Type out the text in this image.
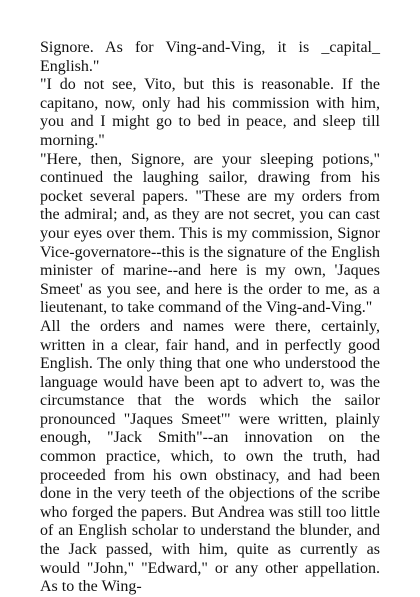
Signore. As for Ving-and-Ving, it is _capital_ English."

"I do not see, Vito, but this is reasonable. If the capitano, now, only had his commission with him, you and I might go to bed in peace, and sleep till morning."

"Here, then, Signore, are your sleeping potions," continued the laughing sailor, drawing from his pocket several papers. "These are my orders from the admiral; and, as they are not secret, you can cast your eyes over them. This is my commission, Signor Vice-governatore--this is the signature of the English minister of marine--and here is my own, 'Jaques Smeet' as you see, and here is the order to me, as a lieutenant, to take command of the Ving-and-Ving."

All the orders and names were there, certainly, written in a clear, fair hand, and in perfectly good English. The only thing that one who understood the language would have been apt to advert to, was the circumstance that the words which the sailor pronounced "Jaques Smeet'" were written, plainly enough, "Jack Smith"--an innovation on the common practice, which, to own the truth, had proceeded from his own obstinacy, and had been done in the very teeth of the objections of the scribe who forged the papers. But Andrea was still too little of an English scholar to understand the blunder, and the Jack passed, with him, quite as currently as would "John," "Edward," or any other appellation. As to the Wing-
